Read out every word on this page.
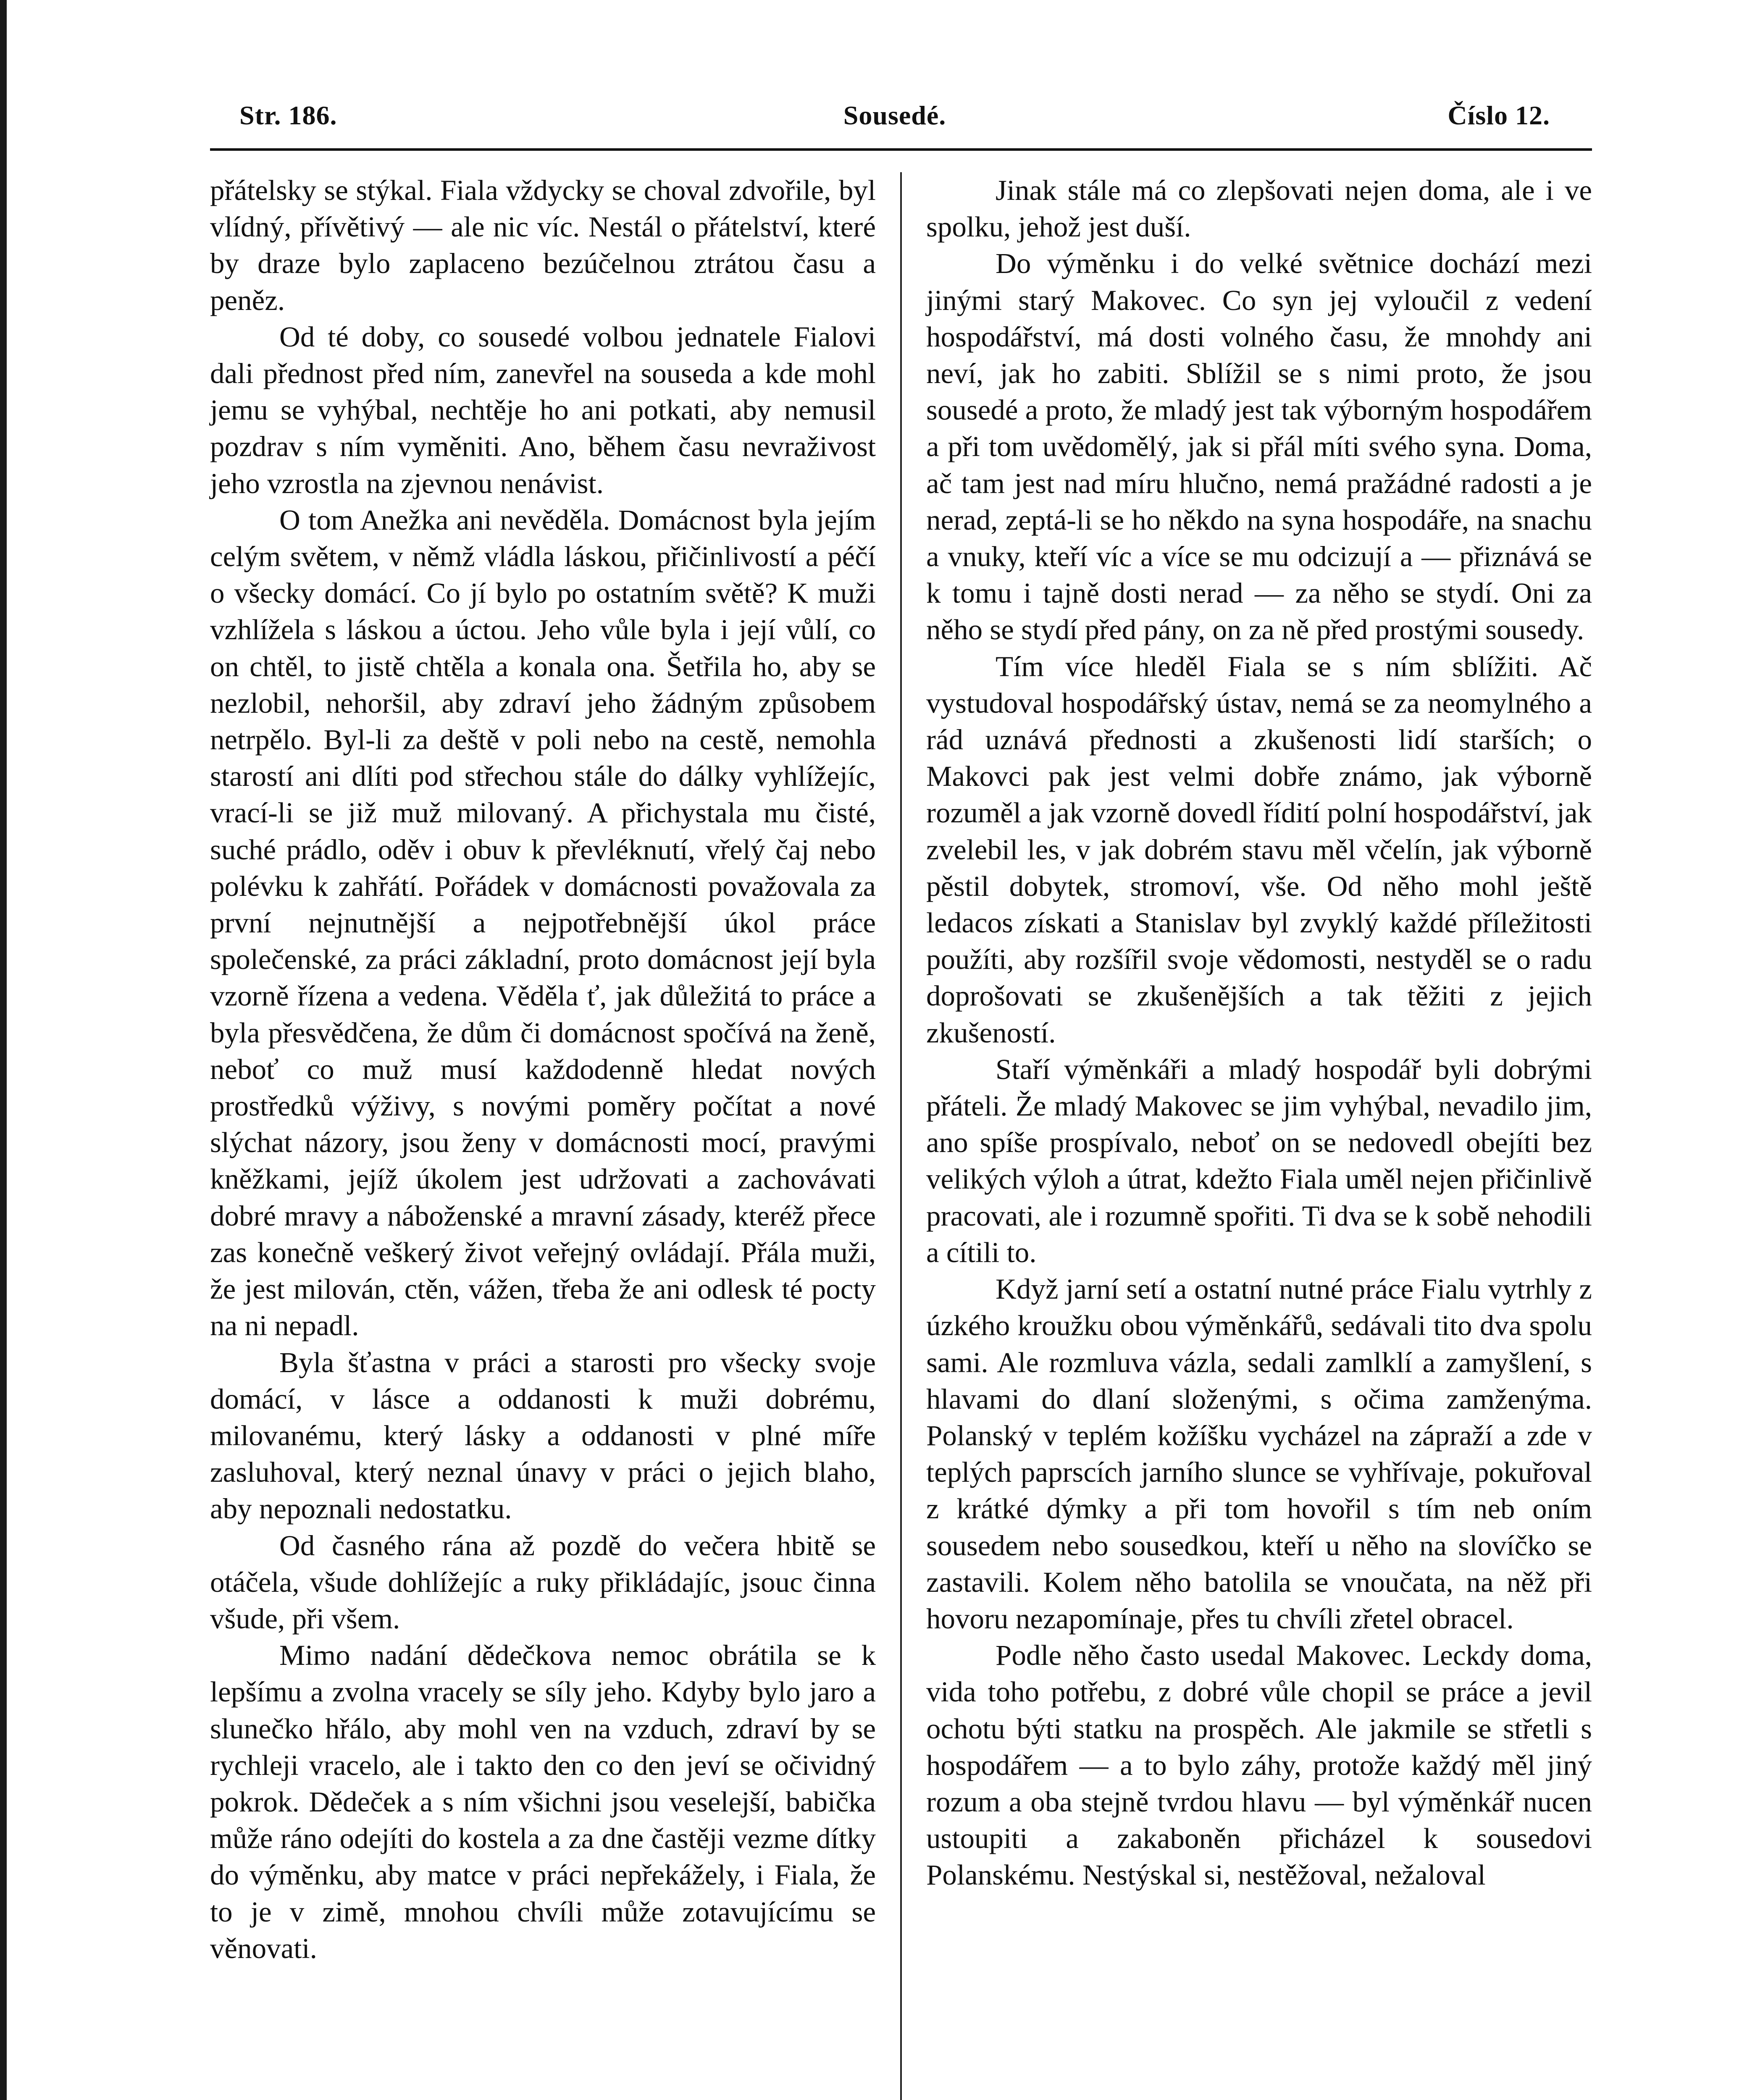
Str. 186.	Sousedé.	Číslo 12.

přátelsky se stýkal. Fiala vždycky se choval zdvořile, byl vlídný, přívětivý — ale nic víc. Nestál o přátelství, které by draze bylo zaplaceno bezúčelnou ztrátou času a peněz.

Od té doby, co sousedé volbou jednatele Fialovi dali přednost před ním, zanevřel na souseda a kde mohl jemu se vyhýbal, nechtěje ho ani potkati, aby nemusil pozdrav s ním vyměniti. Ano, během času nevraživost jeho vzrostla na zjevnou nenávist.

O tom Anežka ani nevěděla. Domácnost byla jejím celým světem, v němž vládla láskou, přičinlivostí a péčí o všecky domácí. Co jí bylo po ostatním světě? K muži vzhlížela s láskou a úctou. Jeho vůle byla i její vůlí, co on chtěl, to jistě chtěla a konala ona. Šetřila ho, aby se nezlobil, nehoršil, aby zdraví jeho žádným způsobem netrpělo. Byl-li za deště v poli nebo na cestě, nemohla starostí ani dlíti pod střechou stále do dálky vyhlížejíc, vrací-li se již muž milovaný. A přichystala mu čisté, suché prádlo, oděv i obuv k převléknutí, vřelý čaj nebo polévku k zahřátí. Pořádek v domácnosti považovala za první nejnutnější a nejpotřebnější úkol práce společenské, za práci základní, proto domácnost její byla vzorně řízena a vedena. Věděla ť, jak důležitá to práce a byla přesvědčena, že dům či domácnost spočívá na ženě, neboť co muž musí každodenně hledat nových prostředků výživy, s novými poměry počítat a nové slýchat názory, jsou ženy v domácnosti mocí, pravými kněžkami, jejíž úkolem jest udržovati a zachovávati dobré mravy a náboženské a mravní zásady, kteréž přece zas konečně veškerý život veřejný ovládají. Přála muži, že jest milován, ctěn, vážen, třeba že ani odlesk té pocty na ni nepadl.

Byla šťastna v práci a starosti pro všecky svoje domácí, v lásce a oddanosti k muži dobrému, milovanému, který lásky a oddanosti v plné míře zasluhoval, který neznal únavy v práci o jejich blaho, aby nepoznali nedostatku.

Od časného rána až pozdě do večera hbitě se otáčela, všude dohlížejíc a ruky přikládajíc, jsouc činna všude, při všem.

Mimo nadání dědečkova nemoc obrátila se k lepšímu a zvolna vracely se síly jeho. Kdyby bylo jaro a slunečko hřálo, aby mohl ven na vzduch, zdraví by se rychleji vracelo, ale i takto den co den jeví se očividný pokrok. Dědeček a s ním všichni jsou veselejší, babička může ráno odejíti do kostela a za dne častěji vezme dítky do výměnku, aby matce v práci nepřekážely, i Fiala, že to je v zimě, mnohou chvíli může zotavujícímu se věnovati.

Jinak stále má co zlepšovati nejen doma, ale i ve spolku, jehož jest duší.

Do výměnku i do velké světnice dochází mezi jinými starý Makovec. Co syn jej vyloučil z vedení hospodářství, má dosti volného času, že mnohdy ani neví, jak ho zabiti. Sblížil se s nimi proto, že jsou sousedé a proto, že mladý jest tak výborným hospodářem a při tom uvědomělý, jak si přál míti svého syna. Doma, ač tam jest nad míru hlučno, nemá pražádné radosti a je nerad, zeptá-li se ho někdo na syna hospodáře, na snachu a vnuky, kteří víc a více se mu odcizují a — přiznává se k tomu i tajně dosti nerad — za něho se stydí. Oni za něho se stydí před pány, on za ně před prostými sousedy.

Tím více hleděl Fiala se s ním sblížiti. Ač vystudoval hospodářský ústav, nemá se za neomylného a rád uznává přednosti a zkušenosti lidí starších; o Makovci pak jest velmi dobře známo, jak výborně rozuměl a jak vzorně dovedl řídití polní hospodářství, jak zvelebil les, v jak dobrém stavu měl včelín, jak výborně pěstil dobytek, stromoví, vše. Od něho mohl ještě ledacos získati a Stanislav byl zvyklý každé příležitosti použíti, aby rozšířil svoje vědomosti, nestyděl se o radu doprošovati se zkušenějších a tak těžiti z jejich zkušeností.

Staří výměnkáři a mladý hospodář byli dobrými přáteli. Že mladý Makovec se jim vyhýbal, nevadilo jim, ano spíše prospívalo, neboť on se nedovedl obejíti bez velikých výloh a útrat, kdežto Fiala uměl nejen přičinlivě pracovati, ale i rozumně spořiti. Ti dva se k sobě nehodili a cítili to.

Když jarní setí a ostatní nutné práce Fialu vytrhly z úzkého kroužku obou výměnkářů, sedávali tito dva spolu sami. Ale rozmluva vázla, sedali zamlklí a zamyšlení, s hlavami do dlaní složenými, s očima zamženýma. Polanský v teplém kožíšku vycházel na zápraží a zde v teplých paprscích jarního slunce se vyhřívaje, pokuřoval z krátké dýmky a při tom hovořil s tím neb oním sousedem nebo sousedkou, kteří u něho na slovíčko se zastavili. Kolem něho batolila se vnoučata, na něž při hovoru nezapomínaje, přes tu chvíli zřetel obracel.

Podle něho často usedal Makovec. Leckdy doma, vida toho potřebu, z dobré vůle chopil se práce a jevil ochotu býti statku na prospěch. Ale jakmile se střetli s hospodářem — a to bylo záhy, protože každý měl jiný rozum a oba stejně tvrdou hlavu — byl výměnkář nucen ustoupiti a zakaboněn přicházel k sousedovi Polanskému. Nestýskal si, nestěžoval, nežaloval
